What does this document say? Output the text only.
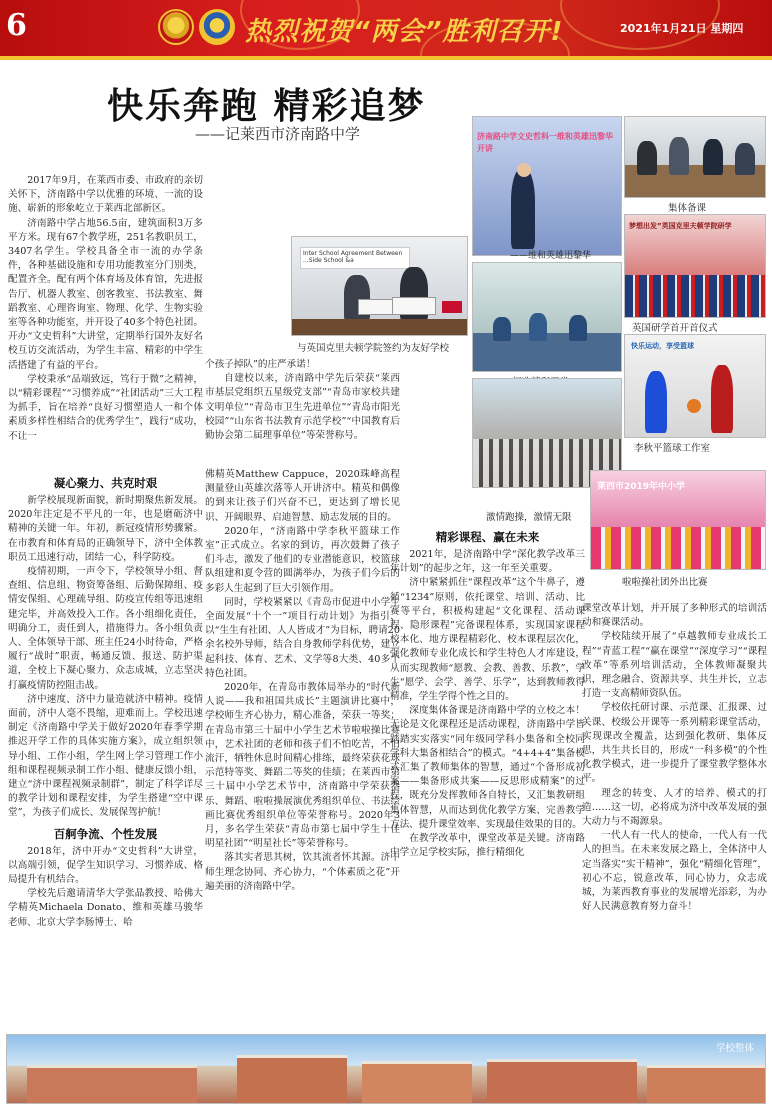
6	热烈祝贺“两会”胜利召开!	2021年1月21日 星期四
快乐奔跑 精彩追梦
——记莱西市济南路中学
Inter School Agreement Between ...Side School &a
与英国克里夫顿学院签约为友好学校
济南路中学文史哲科一维和英雄迅黎华开讲
——维和英雄迅黎华
集体备课
梦想出发”英国克里夫顿学院研学
英国研学首开首仪式
快乐运动，享受篮球
李秋平篮球工作室
激情跑操，激情无限
莱西市2019年中小学
啦啦操社团外出比赛

2017年9月，在莱西市委、市政府的亲切关怀下，济南路中学以优雅的环境、一流的设施、崭新的形象屹立于莱西北部新区。

济南路中学占地56.5亩，建筑面积3万多平方米。现有67个教学班，251名教职员工，3407名学生。学校具备全市一流的办学条件，各种基础设施和专用功能教室分门别类，配置齐全。配有两个体育场及体育馆，先进报告厅、机器人教室、创客教室、书法教室、舞蹈教室、心理咨询室、物理、化学、生物实验室等各种功能室，并开设了40多个特色社团。开办“文史哲科”大讲堂，定期举行国外友好名校互访交流活动，为学生丰富、精彩的中学生活搭建了有益的平台。

学校秉承“品端致远，笃行于微”之精神，以“精彩课程”“习惯养成”“社团活动”三大工程为抓手，旨在培养“良好习惯塑造人一和个体素质多样性相结合的优秀学生”，践行“成功，不让一

个孩子掉队”的庄严承诺！

自建校以来，济南路中学先后荣获“莱西市基层党组织五星级党支部”“青岛市家校共建文明单位”“青岛市卫生先进单位”“青岛市阳光校园”“山东省书法教育示范学校”“中国教育后勤协会第二届理事单位”等荣誉称号。

凝心聚力、共克时艰

新学校展现新面貌，新时期聚焦新发展。2020年注定是不平凡的一年，也是磨砺济中精神的关键一年。年初，新冠疫情形势骤紧。在市教育和体育局的正确领导下，济中全体教职员工迅速行动，团结一心，科学防疫。

疫情初期，一声令下，学校领导小组、督查组、信息组、物资筹备组、后勤保障组、疫情安保组、心理疏导组、防疫宣传组等迅速组建完毕，并高效投入工作。各小组细化责任，明确分工，责任到人，措施得力。各小组负责人、全体领导干部、班主任24小时待命，严格履行“战时”职责，畅通反馈、报送、防护渠道，全校上下凝心聚力、众志成城，立志坚决打赢疫情防控阻击战。

济中速度、济中力量造就济中精神。疫情面前，济中人毫不畏缩，迎难而上。学校迅速制定《济南路中学关于做好2020年春季学期推迟开学工作的具体实施方案》，成立组织领导小组、工作小组，学生网上学习管理工作小组和课程视频录制工作小组、健康反馈小组，建立“济中课程视频录制群”，制定了科学详尽的教学计划和课程安排，为学生搭建“空中课堂”，为孩子们成长、发展保驾护航！

百舸争流、个性发展

2018年，济中开办“文史哲科”大讲堂，以高端引领，促学生知识学习、习惯养成、格局提升有机结合。

学校先后邀请清华大学张晶教授、哈佛大学精英Michaela Donato、维和英雄马骏华老师、北京大学李肠博士、哈

佛精英Matthew Cappuce，2020珠峰高程测量登山英雄次落等人开讲济中。精英和偶像的到来让孩子们兴奋不已，更达到了增长见识、开阔眼界、启迪智慧、励志发展的目的。

2020年，“济南路中学李秋平篮球工作室”正式成立。名家的到访，再次鼓舞了孩子们斗志，激发了他们的专业潜能意识，校篮球队组建和夏令营的圆满举办，为孩子们今后的多彩人生起到了巨大引领作用。

同时，学校紧紧以《青岛市促进中小学生全面发展“十个一”项目行动计划》为指引，以“生生有社团、人人皆成才”为目标，聘请20余名校外导师，结合自身教师学科优势，建立起科技、体育、艺术、文学等8大类、40多个特色社团。

2020年，在青岛市教体局举办的“时代新人说——我和祖国共成长”主题演讲比赛中，学校师生齐心协力，精心准备，荣获一等奖；在青岛市第三十届中小学生艺术节啦啦操比赛中，艺术社团的老师和孩子们不怕吃苦，不怕流汗，牺牲休息时间精心排练，最终荣获花球示范特等奖、舞蹈二等奖的佳绩；在莱西市第三十届中小学艺术节中，济南路中学荣获器乐、舞蹈、啦啦操展演优秀组织单位、书法绘画比赛优秀组织单位等荣誉称号。2020年3月，多名学生荣获“青岛市第七届中学生十佳明星社团”“明星社长”等荣誉称号。

落其实者思其树，饮其流者怀其源。济中师生理念协同、齐心协力，“个体素质之花”开遍美丽的济南路中学。

精彩课程、赢在未来

2021年，是济南路中学“深化教学改革三年计划”的起步之年，这一年至关重要。

济中紧紧抓住“课程改革”这个牛鼻子，遵循“1234”原则，依托课堂、培训、活动、比赛等平台，积极构建起“文化课程、活动课程、隐形课程”完备课程体系，实现国家课程校本化、地方课程精彩化、校本课程层次化，强化教师专业化成长和学生特色人才库建设，从而实现教师“愿教、会教、善教、乐教”，学生“愿学、会学、善学、乐学”，达到教师教得精准，学生学得个性之目的。

深度集体备课是济南路中学的立校之本！无论是文化课程还是活动课程，济南路中学皆踏踏实实落实“同年级同学科小集备和全校同学科大集备相结合”的模式。“4+4+4”集备模式汇集了教师集体的智慧，通过“个备形成初案——集备形成共案——反思形成精案”的过程，既充分发挥教师各自特长，又汇集教研组集体智慧，从而达到优化教学方案、完善教学方法、提升课堂效率、实现最佳效果的目的。

在教学改革中，课堂改革是关键。济南路中学立足学校实际，推行精细化

课堂改革计划，并开展了多种形式的培训活动和赛课活动。

学校陆续开展了“卓越教师专业成长工程”“青蓝工程”“赢在课堂”“深度学习”“课程改革”等系列培训活动，全体教师凝聚共识，理念融合、资源共享、共生并长，立志打造一支高精师资队伍。

学校依托研讨课、示范课、汇报课、过关课、校级公开课等一系列精彩课堂活动，实现课改全覆盖，达到强化教研、集体反思，共生共长目的，形成“一科多模”的个性化教学模式，进一步提升了课堂教学整体水平。

理念的转变、人才的培养、模式的打造……这一切，必将成为济中改革发展的强大动力与不竭源泉。

一代人有一代人的使命，一代人有一代人的担当。在未来发展之路上，全体济中人定当落实“实干精神”，强化“精细化管理”，初心不忘，锐意改革，同心协力，众志成城，为莱西教育事业的发展增光添彩，为办好人民满意教育努力奋斗！

学校整体
